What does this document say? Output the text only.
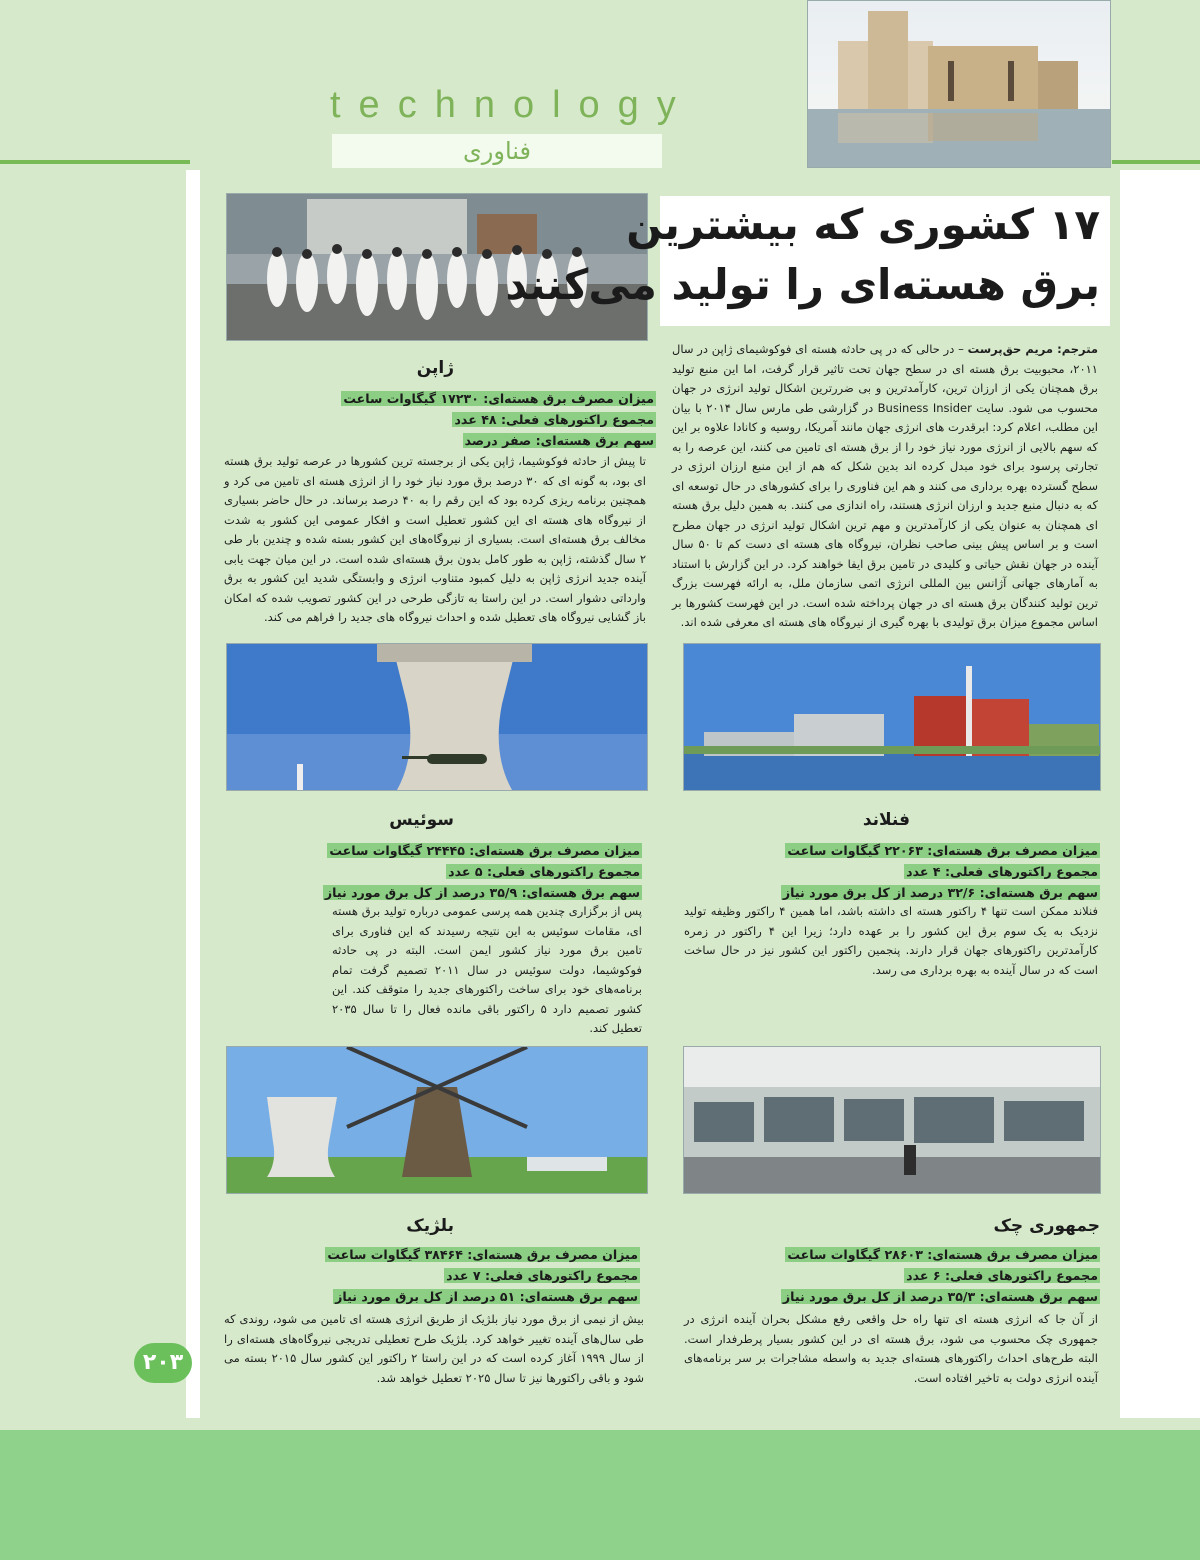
technology
فناوری
۱۷ کشوری که بیشترین
برق هسته‌ای را تولید می‌کنند
مترجم: مریم حق‌پرست – در حالی که در پی حادثه هسته ای فوکوشیمای ژاپن در سال ۲۰۱۱، محبوبیت برق هسته ای در سطح جهان تحت تاثیر قرار گرفت، اما این منبع تولید برق همچنان یکی از ارزان ترین، کارآمدترین و بی ضررترین اشکال تولید انرژی در جهان محسوب می شود. سایت Business Insider در گزارشی طی مارس سال ۲۰۱۴ با بیان این مطلب، اعلام کرد: ابرقدرت های انرژی جهان مانند آمریکا، روسیه و کانادا علاوه بر این که سهم بالایی از انرژی مورد نیاز خود را از برق هسته ای تامین می کنند، این عرصه را به تجارتی پرسود برای خود مبدل کرده اند بدین شکل که هم از این منبع ارزان انرژی در سطح گسترده بهره برداری می کنند و هم این فناوری را برای کشورهای در حال توسعه ای که به دنبال منبع جدید و ارزان انرژی هستند، راه اندازی می کنند. به همین دلیل برق هسته ای همچنان به عنوان یکی از کارآمدترین و مهم ترین اشکال تولید انرژی در جهان مطرح است و بر اساس پیش بینی صاحب نظران، نیروگاه های هسته ای دست کم تا ۵۰ سال آینده در جهان نقش حیاتی و کلیدی در تامین برق ایفا خواهند کرد. در این گزارش با استناد به آمارهای جهانی آژانس بین المللی انرژی اتمی سازمان ملل، به ارائه فهرست بزرگ ترین تولید کنندگان برق هسته ای در جهان پرداخته شده است. در این فهرست کشورها بر اساس مجموع میزان برق تولیدی با بهره گیری از نیروگاه های هسته ای معرفی شده اند.
ژاپن
میزان مصرف برق هسته‌ای: ۱۷۲۳۰ گیگاوات ساعت
مجموع راکتورهای فعلی: ۴۸ عدد
سهم برق هسته‌ای: صفر درصد
تا پیش از حادثه فوکوشیما، ژاپن یکی از برجسته ترین کشورها در عرصه تولید برق هسته ای بود، به گونه ای که ۳۰ درصد برق مورد نیاز خود را از انرژی هسته ای تامین می کرد و همچنین برنامه ریزی کرده بود که این رقم را به ۴۰ درصد برساند. در حال حاضر بسیاری از نیروگاه های هسته ای این کشور تعطیل است و افکار عمومی این کشور به شدت مخالف برق هسته‌ای است. بسیاری از نیروگاه‌های این کشور بسته شده و چندین بار طی ۲ سال گذشته، ژاپن به طور کامل بدون برق هسته‌ای شده است. در این میان جهت یابی آینده جدید انرژی ژاپن به دلیل کمبود متناوب انرژی و وابستگی شدید این کشور به برق وارداتی دشوار است. در این راستا به تازگی طرحی در این کشور تصویب شده که امکان باز گشایی نیروگاه های تعطیل شده و احداث نیروگاه های جدید را فراهم می کند.
سوئیس
میزان مصرف برق هسته‌ای: ۲۴۴۴۵ گیگاوات ساعت
مجموع راکتورهای فعلی: ۵ عدد
سهم برق هسته‌ای: ۳۵/۹ درصد از کل برق مورد نیاز
پس از برگزاری چندین همه پرسی عمومی درباره تولید برق هسته ای، مقامات سوئیس به این نتیجه رسیدند که این فناوری برای تامین برق مورد نیاز کشور ایمن است. البته در پی حادثه فوکوشیما، دولت سوئیس در سال ۲۰۱۱ تصمیم گرفت تمام برنامه‌های خود برای ساخت راکتورهای جدید را متوقف کند. این کشور تصمیم دارد ۵ راکتور باقی مانده فعال را تا سال ۲۰۳۵ تعطیل کند.
فنلاند
میزان مصرف برق هسته‌ای: ۲۲۰۶۳ گیگاوات ساعت
مجموع راکتورهای فعلی: ۴ عدد
سهم برق هسته‌ای: ۳۲/۶ درصد از کل برق مورد نیاز
فنلاند ممکن است تنها ۴ راکتور هسته ای داشته باشد، اما همین ۴ راکتور وظیفه تولید نزدیک به یک سوم برق این کشور را بر عهده دارد؛ زیرا این ۴ راکتور در زمره کارآمدترین راکتورهای جهان قرار دارند. پنجمین راکتور این کشور نیز در حال ساخت است که در سال آینده به بهره برداری می رسد.
بلژیک
میزان مصرف برق هسته‌ای: ۳۸۴۶۴ گیگاوات ساعت
مجموع راکتورهای فعلی: ۷ عدد
سهم برق هسته‌ای: ۵۱ درصد از کل برق مورد نیاز
بیش از نیمی از برق مورد نیاز بلژیک از طریق انرژی هسته ای تامین می شود، روندی که طی سال‌های آینده تغییر خواهد کرد. بلژیک طرح تعطیلی تدریجی نیروگاه‌های هسته‌ای را از سال ۱۹۹۹ آغاز کرده است که در این راستا ۲ راکتور این کشور سال ۲۰۱۵ بسته می شود و باقی راکتورها نیز تا سال ۲۰۲۵ تعطیل خواهد شد.
جمهوری چک
میزان مصرف برق هسته‌ای: ۲۸۶۰۳ گیگاوات ساعت
مجموع راکتورهای فعلی: ۶ عدد
سهم برق هسته‌ای: ۳۵/۳ درصد از کل برق مورد نیاز
از آن جا که انرژی هسته ای تنها راه حل واقعی رفع مشکل بحران آینده انرژی در جمهوری چک محسوب می شود، برق هسته ای در این کشور بسیار پرطرفدار است. البته طرح‌های احداث راکتورهای هسته‌ای جدید به واسطه مشاجرات بر سر برنامه‌های آینده انرژی دولت به تاخیر افتاده است.
۲۰۳
